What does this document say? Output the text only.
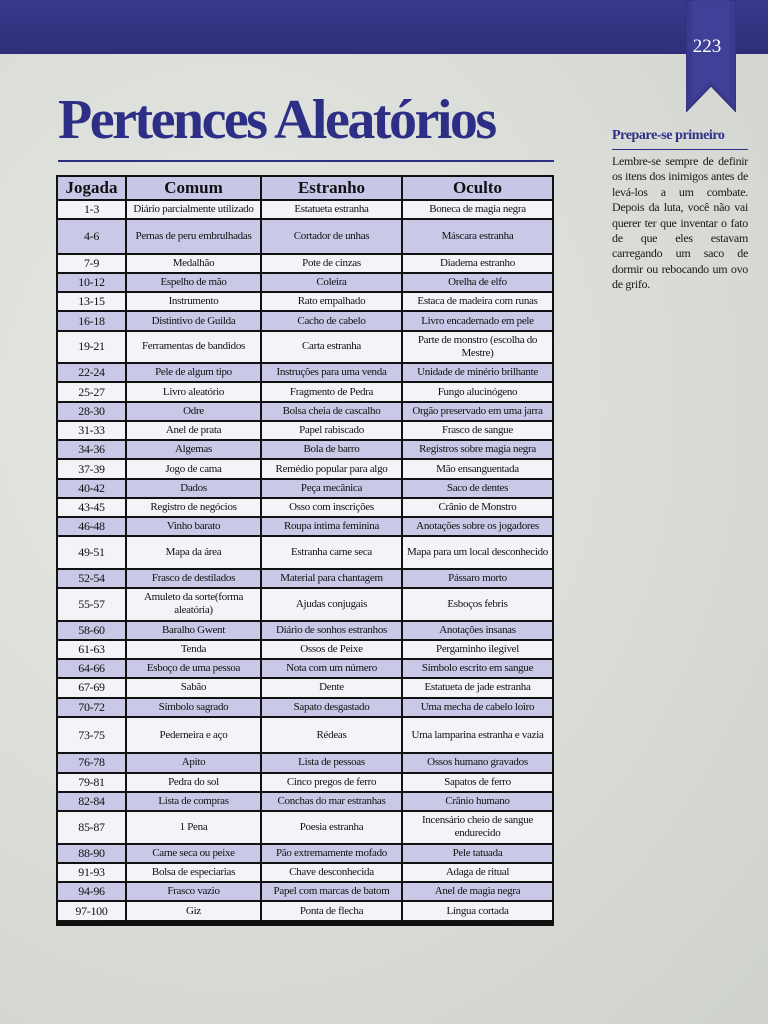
223
Pertences Aleatórios
Jogada	Comum	Estranho	Oculto
1-3	Diário parcialmente utilizado	Estatueta estranha	Boneca de magia negra
4-6	Pernas de peru embrulhadas	Cortador de unhas	Máscara estranha
7-9	Medalhão	Pote de cinzas	Diadema estranho
10-12	Espelho de mão	Coleira	Orelha de elfo
13-15	Instrumento	Rato empalhado	Estaca de madeira com runas
16-18	Distintivo de Guilda	Cacho de cabelo	Livro encadernado em pele
19-21	Ferramentas de bandidos	Carta estranha	Parte de monstro (escolha do Mestre)
22-24	Pele de algum tipo	Instruções para uma venda	Unidade de minério brilhante
25-27	Livro aleatório	Fragmento de Pedra	Fungo alucinógeno
28-30	Odre	Bolsa cheia de cascalho	Orgão preservado em uma jarra
31-33	Anel de prata	Papel rabiscado	Frasco de sangue
34-36	Algemas	Bola de barro	Registros sobre magia negra
37-39	Jogo de cama	Remédio popular para algo	Mão ensanguentada
40-42	Dados	Peça mecânica	Saco de dentes
43-45	Registro de negócios	Osso com inscrições	Crânio de Monstro
46-48	Vinho barato	Roupa íntima feminina	Anotações sobre os jogadores
49-51	Mapa da área	Estranha carne seca	Mapa para um local desconhecido
52-54	Frasco de destilados	Material para chantagem	Pássaro morto
55-57	Amuleto da sorte(forma aleatória)	Ajudas conjugais	Esboços febris
58-60	Baralho Gwent	Diário de sonhos estranhos	Anotações insanas
61-63	Tenda	Ossos de Peixe	Pergaminho ilegível
64-66	Esboço de uma pessoa	Nota com um número	Símbolo escrito em sangue
67-69	Sabão	Dente	Estatueta de jade estranha
70-72	Símbolo sagrado	Sapato desgastado	Uma mecha de cabelo loiro
73-75	Pederneira e aço	Rédeas	Uma lamparina estranha e vazia
76-78	Apito	Lista de pessoas	Ossos humano gravados
79-81	Pedra do sol	Cinco pregos de ferro	Sapatos de ferro
82-84	Lista de compras	Conchas do mar estranhas	Crânio humano
85-87	1 Pena	Poesia estranha	Incensário cheio de sangue endurecido
88-90	Carne seca ou peixe	Pão extremamente mofado	Pele tatuada
91-93	Bolsa de especiarias	Chave desconhecida	Adaga de ritual
94-96	Frasco vazio	Papel com marcas de batom	Anel de magia negra
97-100	Giz	Ponta de flecha	Língua cortada
Prepare-se primeiro

Lembre-se sempre de definir os itens dos inimigos antes de levá-los a um combate. Depois da luta, você não vai querer ter que inventar o fato de que eles estavam carregando um saco de dormir ou rebocando um ovo de grifo.
